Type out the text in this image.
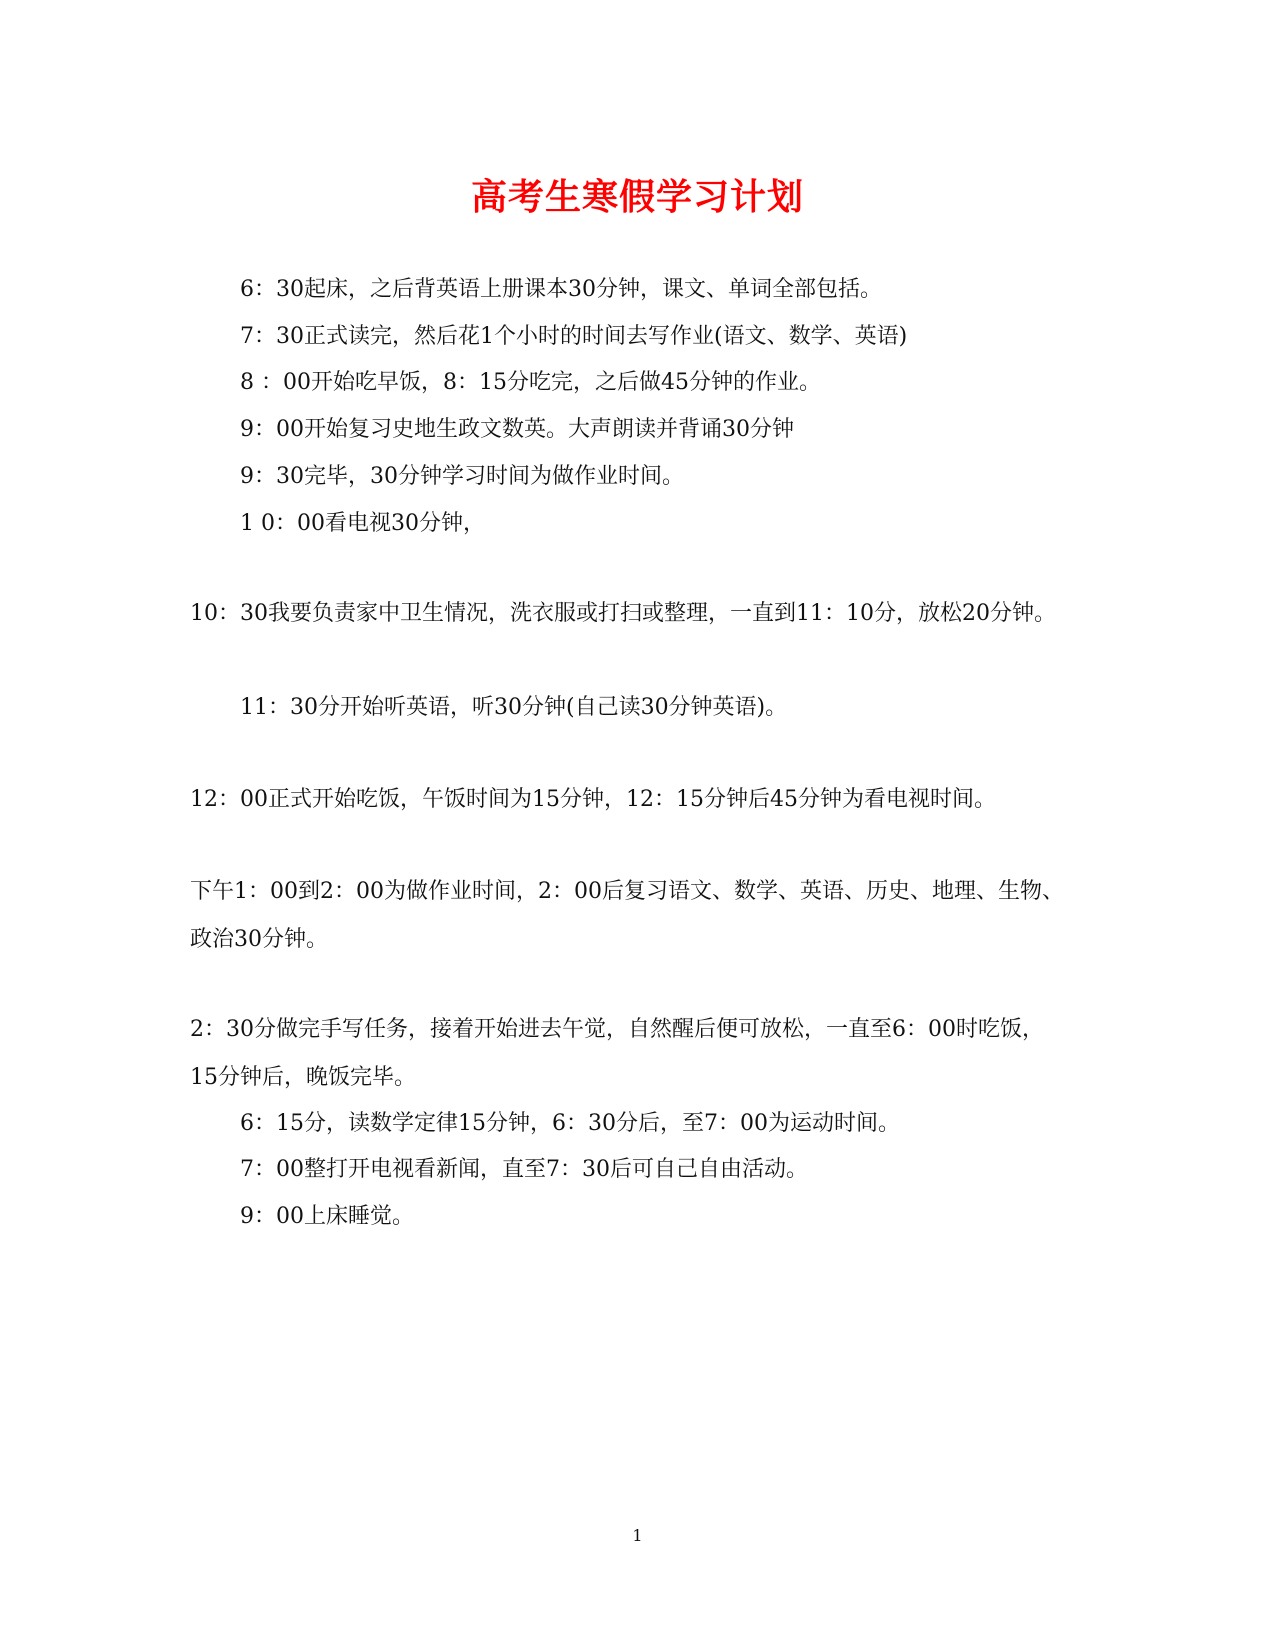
高考生寒假学习计划

6：30起床，之后背英语上册课本30分钟，课文、单词全部包括。

7：30正式读完，然后花1个小时的时间去写作业(语文、数学、英语)

8 ：00开始吃早饭，8：15分吃完，之后做45分钟的作业。

9：00开始复习史地生政文数英。大声朗读并背诵30分钟

9：30完毕，30分钟学习时间为做作业时间。

1 0：00看电视30分钟，

10：30我要负责家中卫生情况，洗衣服或打扫或整理，一直到11：10分，放松20分钟。

11：30分开始听英语，听30分钟(自己读30分钟英语)。

12：00正式开始吃饭，午饭时间为15分钟，12：15分钟后45分钟为看电视时间。

下午1：00到2：00为做作业时间，2：00后复习语文、数学、英语、历史、地理、生物、政治30分钟。

2：30分做完手写任务，接着开始进去午觉，自然醒后便可放松，一直至6：00时吃饭，15分钟后，晚饭完毕。

6：15分，读数学定律15分钟，6：30分后，至7：00为运动时间。

7：00整打开电视看新闻，直至7：30后可自己自由活动。

9：00上床睡觉。

1
